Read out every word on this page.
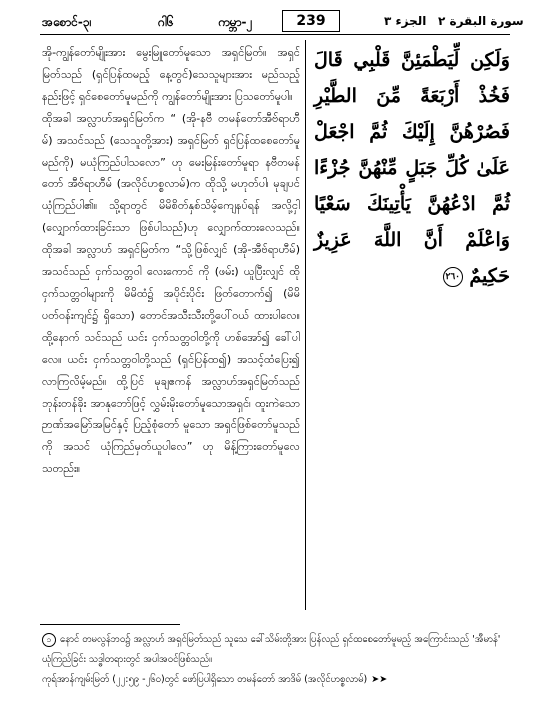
အစောင်-၃၊	ဂါ၆	ကမ္ဘာ-၂	239	الجزء ٣ سورة البقرة ٢

အို-ကျွန်တော်မျိုးအား မွေးမြူတော်မူသော အရှင်မြတ်။ အရှင်မြတ်သည် (ရှင်ပြန်ထမည့် နေ့တွင်)သေသူများအား မည်သည့်နည်းဖြင့် ရှင်စေတော်မူမည်ကို ကျွန်တော်မျိုးအား ပြသတော်မူပါ။

ထိုအခါ အလ္လာဟ်အရှင်မြတ်က “ (အို-နဗီ တမန်တော်အီဗ်ရာဟီမ်) အသင်သည် (သေသူတို့အား) အရှင်မြတ် ရှင်ပြန်ထစေတော်မူမည်ကို) မယုံကြည်ပါသလော” ဟု မေးမြန်းတော်မူရာ နဗီတမန်တော် အီဗ်ရာဟီမ် (အလိုင်ဟစ္စလာမ်)က ထိုသို့ မဟုတ်ပါ၊ မုချပင်ယုံကြည်ပါ၏။ သို့ရာတွင် မိမိစိတ်နှစ်သိမ့်ကျေနပ်ရန် အလို့ငှါ (လျှောက်ထားခြင်းသာ ဖြစ်ပါသည်)ဟု လျှောက်ထားလေသည်။ ထိုအခါ အလ္လာဟ် အရှင်မြတ်က “သို့ဖြစ်လျှင် (အို-အီဗ်ရာဟီမ်) အသင်သည် ငှက်သတ္တဝါ လေးကောင် ကို (ဖမ်း) ယူပြီးလျှင် ထိုငှက်သတ္တဝါများကို မိမိထံ၌ အပိုင်းပိုင်း ဖြတ်တောက်၍ (မိမိပတ်ဝန်းကျင်၌ ရှိသော) တောင်အသီးသီးတို့ပေါ်ဝယ် ထားပါလေ။ ထို့နောက် သင်သည် ယင်း ငှက်သတ္တဝါတို့ကို ဟစ်အော်၍ ခေါ်ပါလေ။ ယင်း ငှက်သတ္တဝါတို့သည် (ရှင်ပြန်ထ၍) အသင့်ထံပြေး၍ လာကြလိမ့်မည်။ ထို့ပြင် မုချဧကန် အလ္လာဟ်အရှင်မြတ်သည် ဘုန်းတန်ခိုး အာနုဘော်ဖြင့် လွှမ်းမိုးတော်မူသောအရှင်၊ ထူးကဲသော ဉာဏ်အမြော်အမြင်နှင့် ပြည့်စုံတော် မူသော အရှင်ဖြစ်တော်မူသည်ကို အသင် ယုံကြည်မှတ်ယူပါလေ” ဟု မိန့်ကြားတော်မူလေသတည်း။

وَلَكِن لِّيَطْمَئِنَّ قَلْبِي قَالَ فَخُذْ أَرْبَعَةً مِّنَ الطَّيْرِ فَصُرْهُنَّ إِلَيْكَ ثُمَّ اجْعَلْ عَلَىٰ كُلِّ جَبَلٍ مِّنْهُنَّ جُزْءًا ثُمَّ ادْعُهُنَّ يَأْتِينَكَ سَعْيًا وَاعْلَمْ أَنَّ اللَّهَ عَزِيزٌ حَكِيمٌ ٢٦٠

၁ နောင် တမလွန်ဘဝ၌ အလ္လာဟ် အရှင်မြတ်သည် သူသေ ခေါ်သိမ်းတို့အား ပြန်လည် ရှင်ထစေတော်မူမည့် အကြောင်းသည် 'အီမာန်' ယုံကြည်ခြင်း သဒ္ဓါတရားတွင် အပါအဝင်ဖြစ်သည်။

ကုရ်အာန်ကျမ်းမြတ် (၂၂:၅၉ -၂၆၀)တွင် ဖော်ပြပါရှိသော တမန်တော် အာဒိမ် (အလိုင်ဟစ္စလာမ်) ➤➤
